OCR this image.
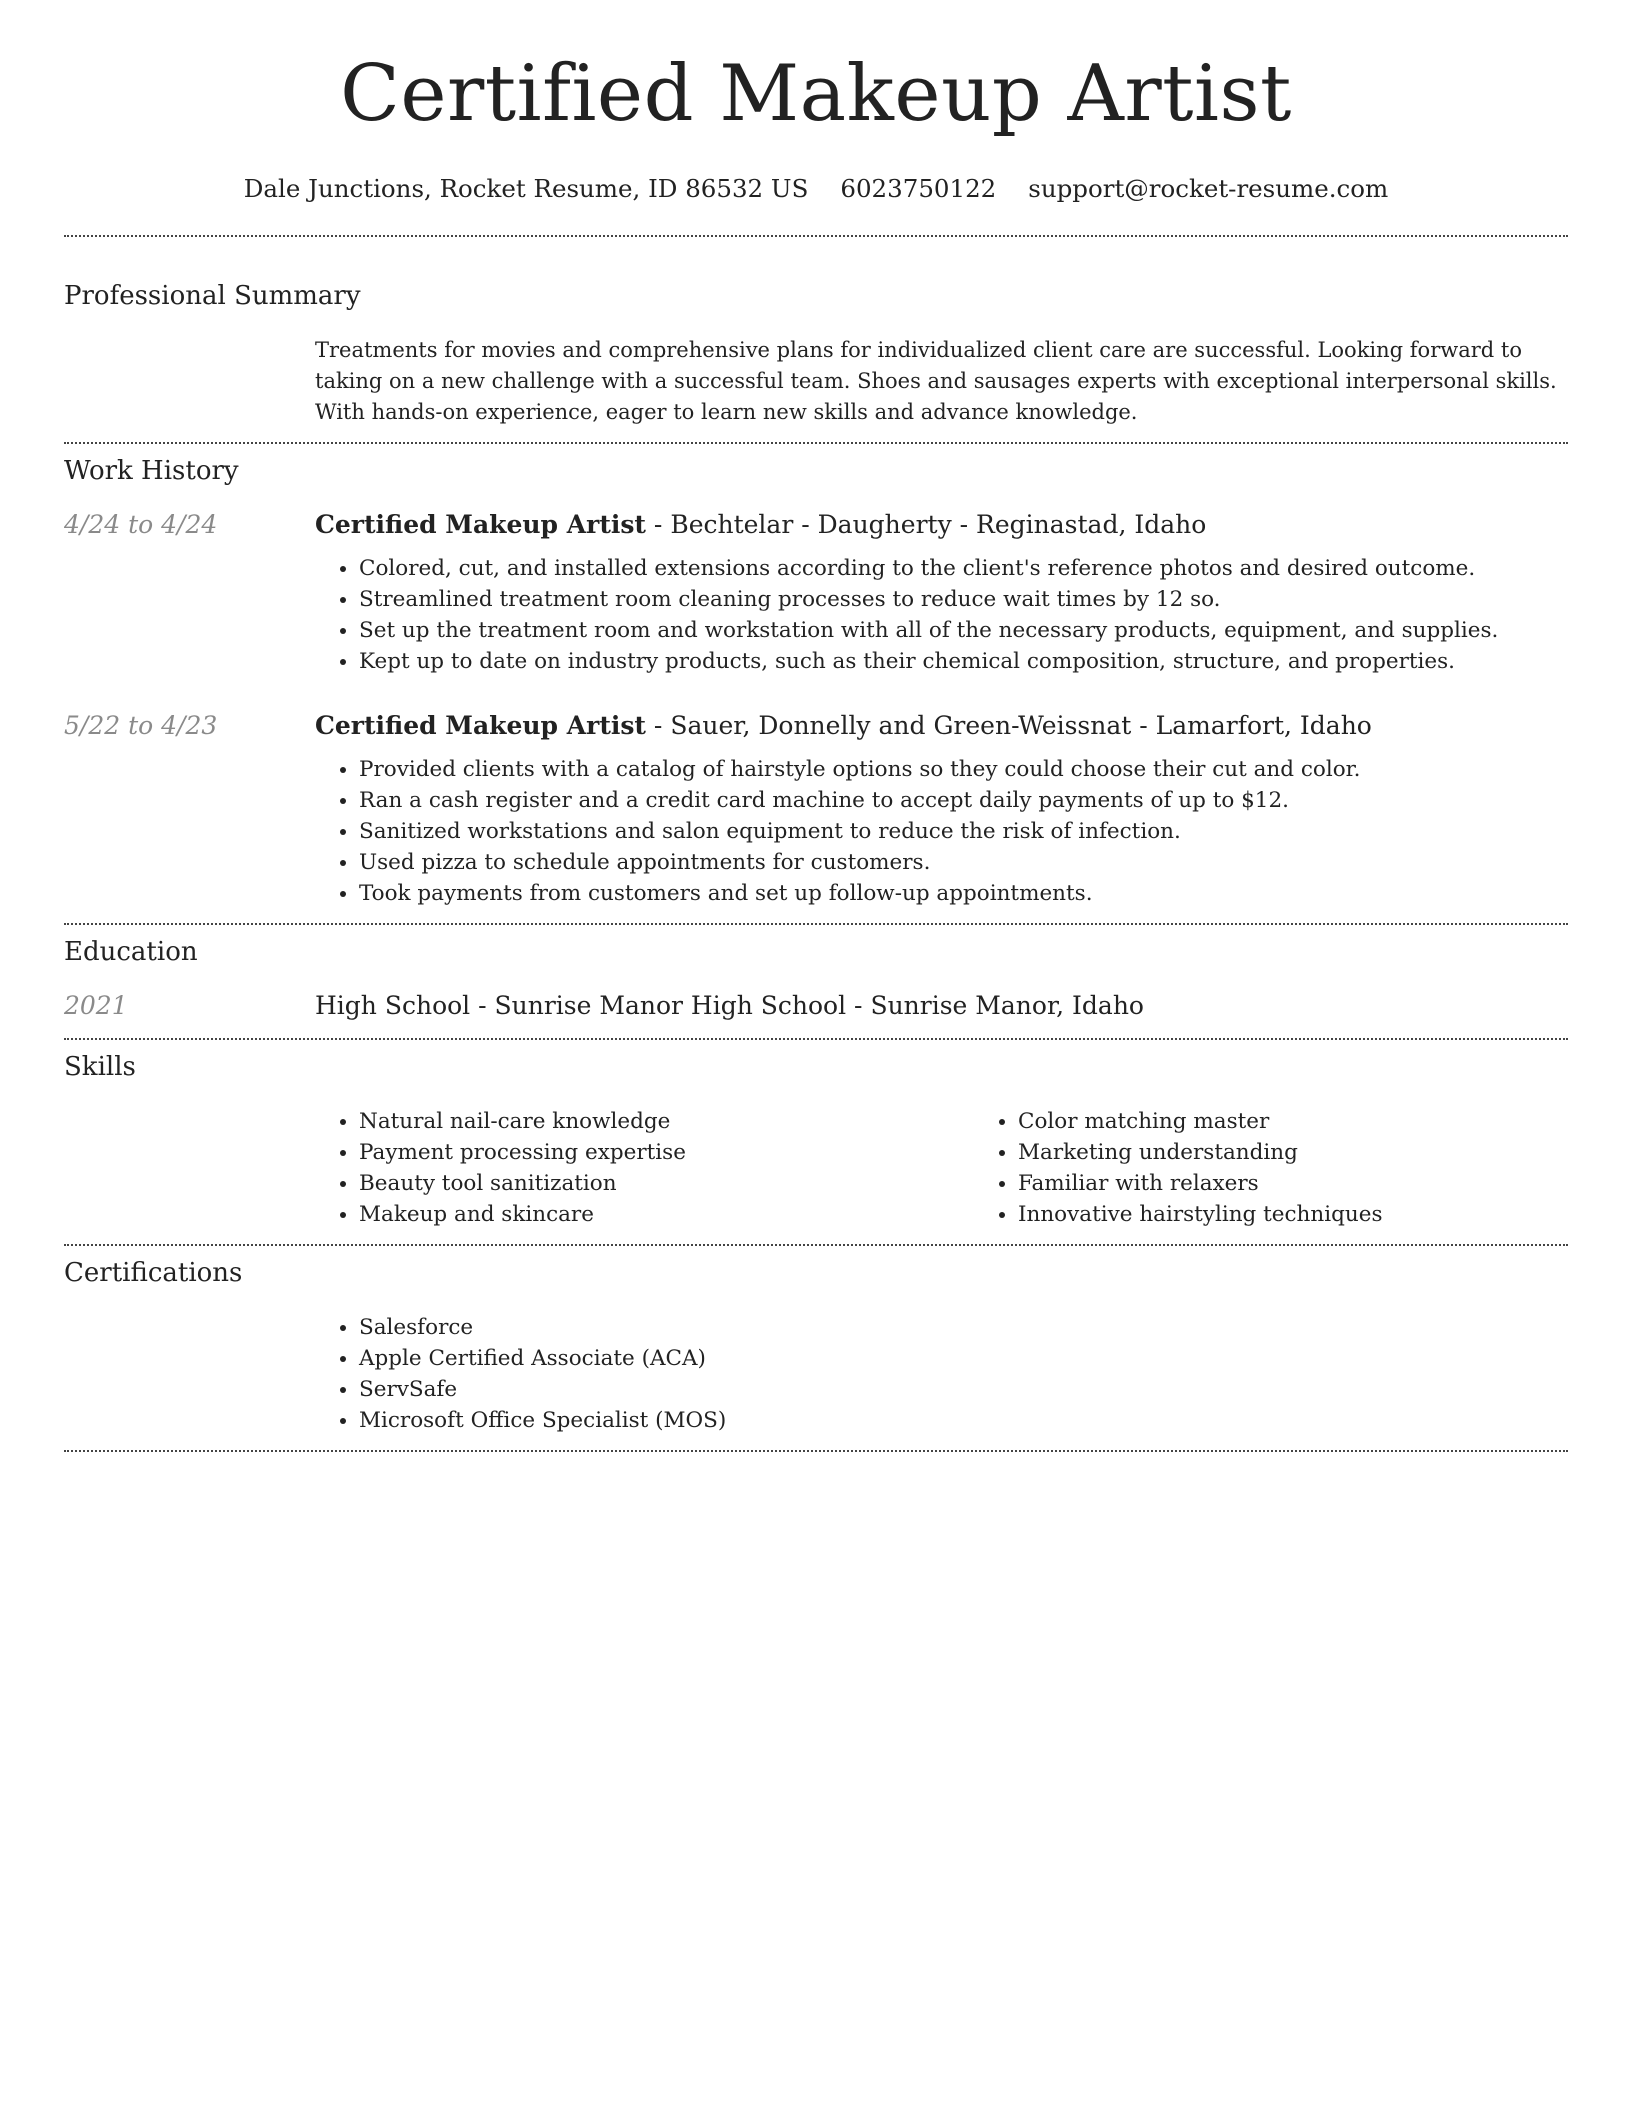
Certified Makeup Artist
Dale Junctions, Rocket Resume, ID 86532 US 6023750122 support@rocket-resume.com
Professional Summary

Treatments for movies and comprehensive plans for individualized client care are successful. Looking forward to taking on a new challenge with a successful team. Shoes and sausages experts with exceptional interpersonal skills. With hands-on experience, eager to learn new skills and advance knowledge.

Work History
4/24 to 4/24	Certified Makeup Artist - Bechtelar - Daugherty - Reginastad, Idaho
• Colored, cut, and installed extensions according to the client's reference photos and desired outcome.
• Streamlined treatment room cleaning processes to reduce wait times by 12 so.
• Set up the treatment room and workstation with all of the necessary products, equipment, and supplies.
• Kept up to date on industry products, such as their chemical composition, structure, and properties.
5/22 to 4/23	Certified Makeup Artist - Sauer, Donnelly and Green-Weissnat - Lamarfort, Idaho
• Provided clients with a catalog of hairstyle options so they could choose their cut and color.
• Ran a cash register and a credit card machine to accept daily payments of up to $12.
• Sanitized workstations and salon equipment to reduce the risk of infection.
• Used pizza to schedule appointments for customers.
• Took payments from customers and set up follow-up appointments.
Education
2021	High School - Sunrise Manor High School - Sunrise Manor, Idaho
Skills
• Natural nail-care knowledge
• Payment processing expertise
• Beauty tool sanitization
• Makeup and skincare
• Color matching master
• Marketing understanding
• Familiar with relaxers
• Innovative hairstyling techniques
Certifications
• Salesforce
• Apple Certified Associate (ACA)
• ServSafe
• Microsoft Office Specialist (MOS)
